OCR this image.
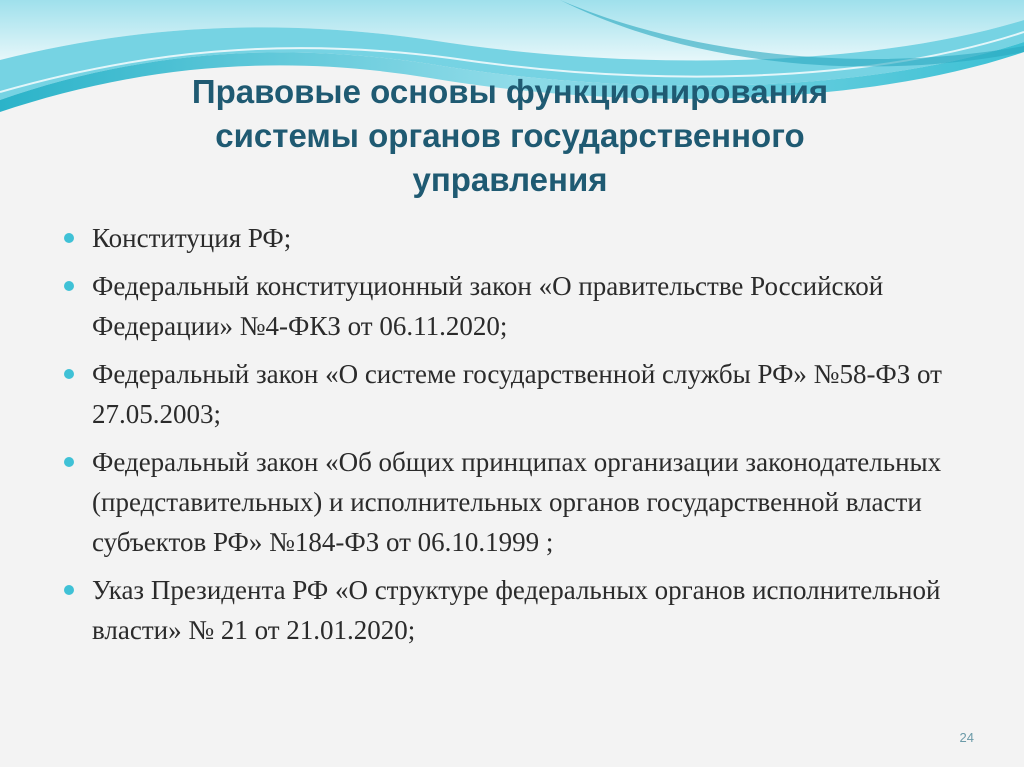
Правовые основы функционирования
системы органов государственного
управления
Конституция РФ;
Федеральный конституционный закон «О правительстве Российской Федерации» №4-ФКЗ от 06.11.2020;
Федеральный закон «О системе государственной службы РФ» №58-ФЗ от 27.05.2003;
Федеральный закон «Об общих принципах организации законодательных (представительных) и исполнительных органов государственной власти субъектов РФ» №184-ФЗ от 06.10.1999 ;
Указ Президента РФ «О структуре федеральных органов исполнительной власти» № 21 от 21.01.2020;
24
